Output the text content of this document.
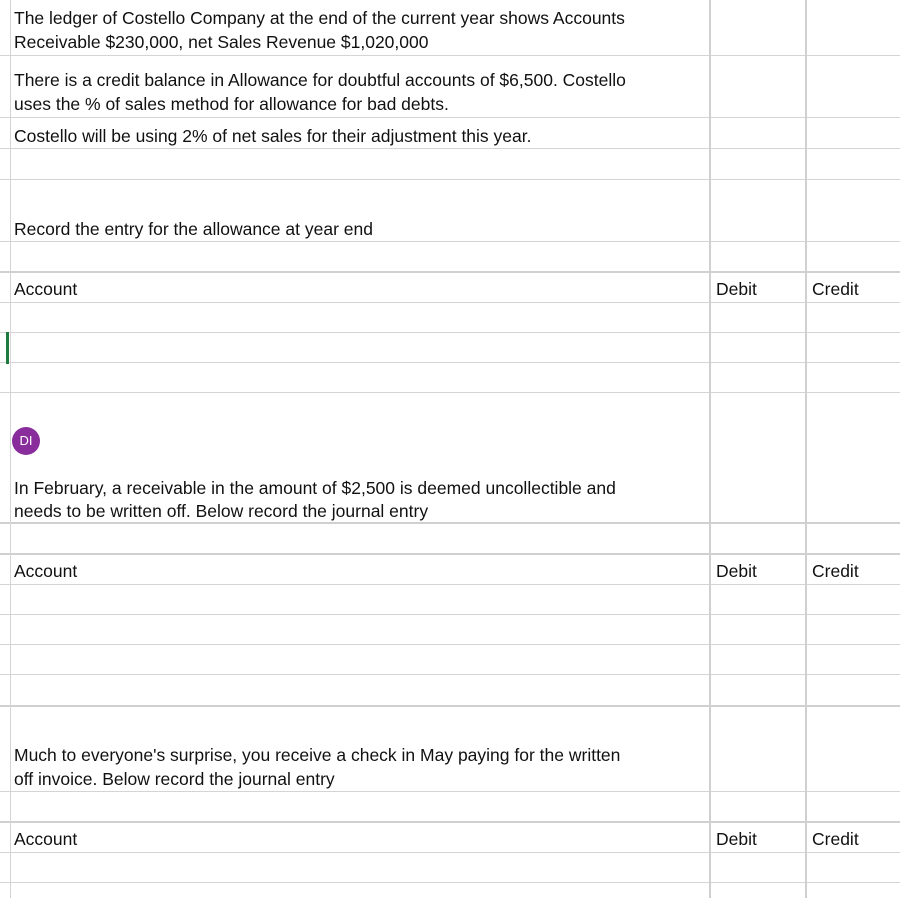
The ledger of Costello Company at the end of the current year shows Accounts
Receivable $230,000, net Sales Revenue $1,020,000
There is a credit balance in Allowance for doubtful accounts of $6,500. Costello
uses the % of sales method for allowance for bad debts.
Costello will be using 2% of net sales for their adjustment this year.
Record the entry for the allowance at year end
Account	Debit	Credit
DI
In February, a receivable in the amount of $2,500 is deemed uncollectible and
needs to be written off. Below record the journal entry
Account	Debit	Credit
Much to everyone's surprise, you receive a check in May paying for the written
off invoice. Below record the journal entry
Account	Debit	Credit
